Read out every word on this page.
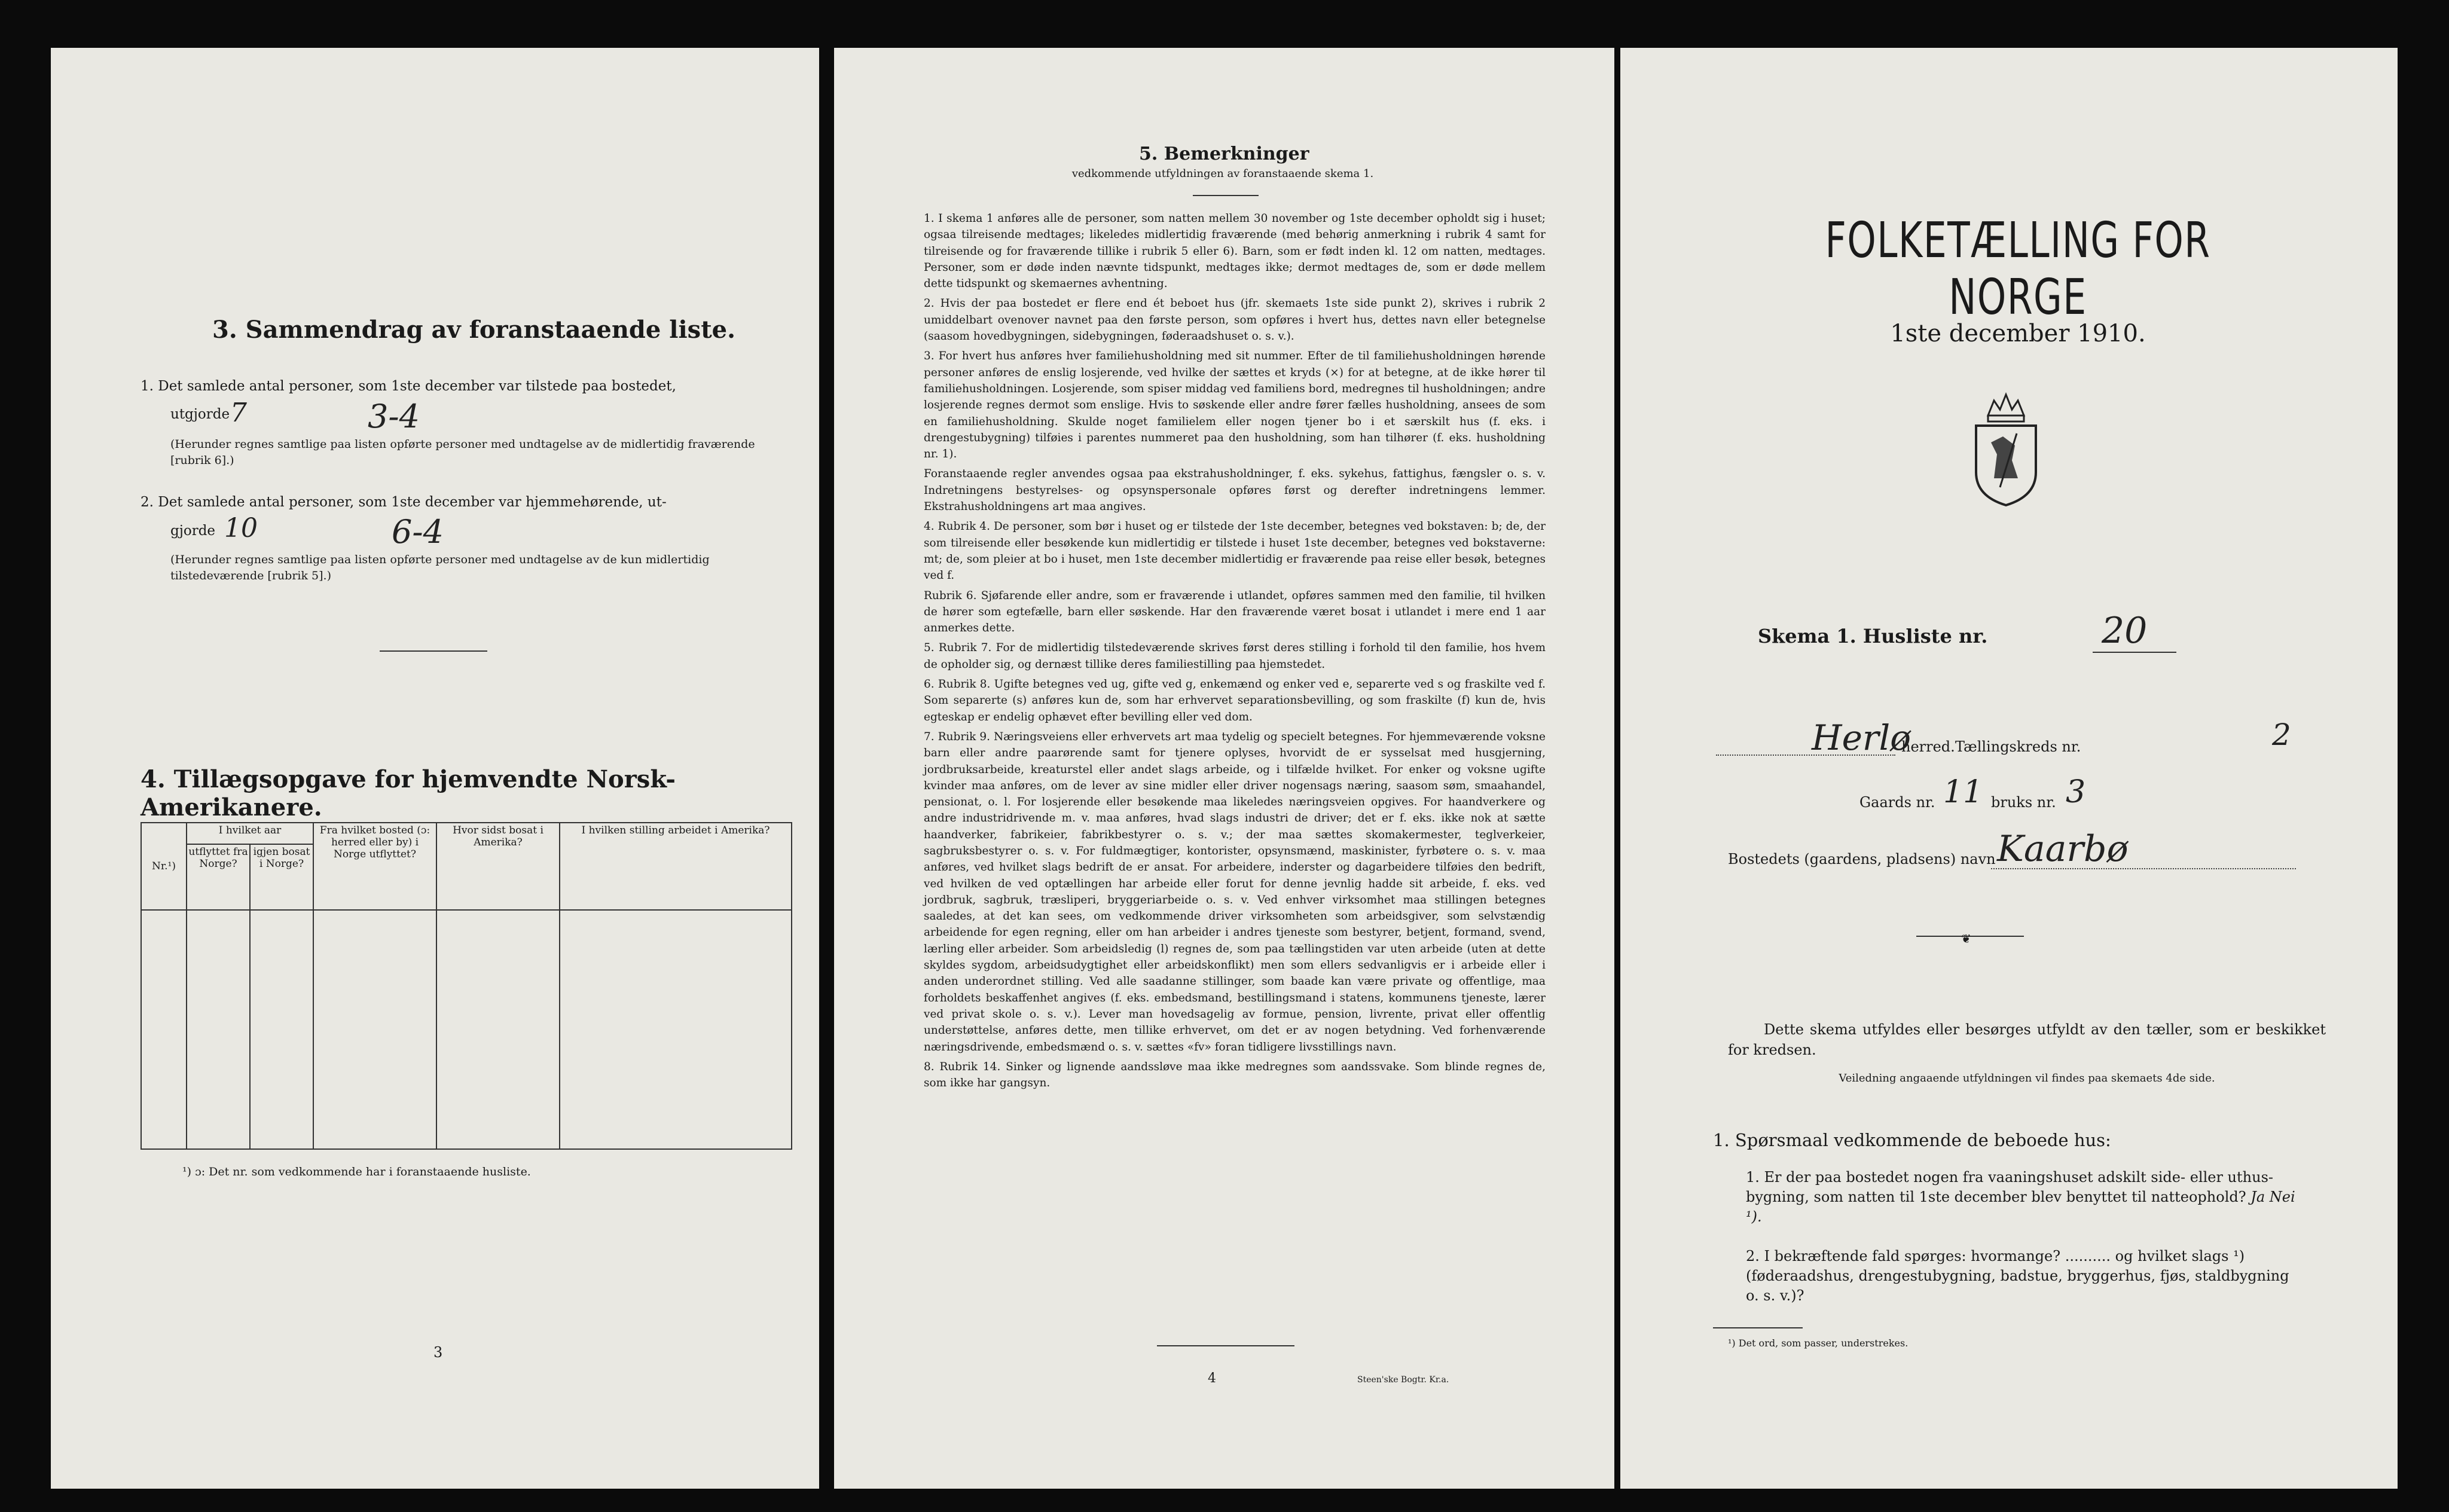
3. Sammendrag av foranstaaende liste.
1. Det samlede antal personer, som 1ste december var tilstede paa bostedet,
utgjorde 7	3-4
(Herunder regnes samtlige paa listen opførte personer med undtagelse av de midlertidig fraværende [rubrik 6].)
2. Det samlede antal personer, som 1ste december var hjemmehørende, ut-
gjorde 10	6-4
(Herunder regnes samtlige paa listen opførte personer med undtagelse av de kun midlertidig tilstedeværende [rubrik 5].)
4. Tillægsopgave for hjemvendte Norsk-Amerikanere.
Nr.¹)	I hvilket aar		Fra hvilket bosted (ɔ: herred eller by) i Norge utflyttet?	Hvor sidst bosat i Amerika?	I hvilken stilling arbeidet i Amerika?
	utflyttet fra Norge?	igjen bosat i Norge?			

¹) ɔ: Det nr. som vedkommende har i foranstaaende husliste.
3
5. Bemerkninger
vedkommende utfyldningen av foranstaaende skema 1.

1. I skema 1 anføres alle de personer, som natten mellem 30 november og 1ste december opholdt sig i huset; ogsaa tilreisende medtages; likeledes midlertidig fraværende (med behørig anmerkning i rubrik 4 samt for tilreisende og for fraværende tillike i rubrik 5 eller 6). Barn, som er født inden kl. 12 om natten, medtages. Personer, som er døde inden nævnte tidspunkt, medtages ikke; dermot medtages de, som er døde mellem dette tidspunkt og skemaernes avhentning.

2. Hvis der paa bostedet er flere end ét beboet hus (jfr. skemaets 1ste side punkt 2), skrives i rubrik 2 umiddelbart ovenover navnet paa den første person, som opføres i hvert hus, dettes navn eller betegnelse (saasom hovedbygningen, sidebygningen, føderaadshuset o. s. v.).

3. For hvert hus anføres hver familiehusholdning med sit nummer. Efter de til familiehusholdningen hørende personer anføres de enslig losjerende, ved hvilke der sættes et kryds (×) for at betegne, at de ikke hører til familiehusholdningen. Losjerende, som spiser middag ved familiens bord, medregnes til husholdningen; andre losjerende regnes dermot som enslige. Hvis to søskende eller andre fører fælles husholdning, ansees de som en familiehusholdning. Skulde noget familielem eller nogen tjener bo i et særskilt hus (f. eks. i drengestubygning) tilføies i parentes nummeret paa den husholdning, som han tilhører (f. eks. husholdning nr. 1).

Foranstaaende regler anvendes ogsaa paa ekstrahusholdninger, f. eks. sykehus, fattighus, fængsler o. s. v. Indretningens bestyrelses- og opsynspersonale opføres først og derefter indretningens lemmer. Ekstrahusholdningens art maa angives.

4. Rubrik 4. De personer, som bør i huset og er tilstede der 1ste december, betegnes ved bokstaven: b; de, der som tilreisende eller besøkende kun midlertidig er tilstede i huset 1ste december, betegnes ved bokstaverne: mt; de, som pleier at bo i huset, men 1ste december midlertidig er fraværende paa reise eller besøk, betegnes ved f.

Rubrik 6. Sjøfarende eller andre, som er fraværende i utlandet, opføres sammen med den familie, til hvilken de hører som egtefælle, barn eller søskende. Har den fraværende været bosat i utlandet i mere end 1 aar anmerkes dette.

5. Rubrik 7. For de midlertidig tilstedeværende skrives først deres stilling i forhold til den familie, hos hvem de opholder sig, og dernæst tillike deres familiestilling paa hjemstedet.

6. Rubrik 8. Ugifte betegnes ved ug, gifte ved g, enkemænd og enker ved e, separerte ved s og fraskilte ved f. Som separerte (s) anføres kun de, som har erhvervet separationsbevilling, og som fraskilte (f) kun de, hvis egteskap er endelig ophævet efter bevilling eller ved dom.

7. Rubrik 9. Næringsveiens eller erhvervets art maa tydelig og specielt betegnes. For hjemmeværende voksne barn eller andre paarørende samt for tjenere oplyses, hvorvidt de er sysselsat med husgjerning, jordbruksarbeide, kreaturstel eller andet slags arbeide, og i tilfælde hvilket. For enker og voksne ugifte kvinder maa anføres, om de lever av sine midler eller driver nogensags næring, saasom søm, smaahandel, pensionat, o. l. For losjerende eller besøkende maa likeledes næringsveien opgives. For haandverkere og andre industridrivende m. v. maa anføres, hvad slags industri de driver; det er f. eks. ikke nok at sætte haandverker, fabrikeier, fabrikbestyrer o. s. v.; der maa sættes skomakermester, teglverkeier, sagbruksbestyrer o. s. v. For fuldmægtiger, kontorister, opsynsmænd, maskinister, fyrbøtere o. s. v. maa anføres, ved hvilket slags bedrift de er ansat. For arbeidere, inderster og dagarbeidere tilføies den bedrift, ved hvilken de ved optællingen har arbeide eller forut for denne jevnlig hadde sit arbeide, f. eks. ved jordbruk, sagbruk, træsliperi, bryggeriarbeide o. s. v. Ved enhver virksomhet maa stillingen betegnes saaledes, at det kan sees, om vedkommende driver virksomheten som arbeidsgiver, som selvstændig arbeidende for egen regning, eller om han arbeider i andres tjeneste som bestyrer, betjent, formand, svend, lærling eller arbeider. Som arbeidsledig (l) regnes de, som paa tællingstiden var uten arbeide (uten at dette skyldes sygdom, arbeidsudygtighet eller arbeidskonflikt) men som ellers sedvanligvis er i arbeide eller i anden underordnet stilling. Ved alle saadanne stillinger, som baade kan være private og offentlige, maa forholdets beskaffenhet angives (f. eks. embedsmand, bestillingsmand i statens, kommunens tjeneste, lærer ved privat skole o. s. v.). Lever man hovedsagelig av formue, pension, livrente, privat eller offentlig understøttelse, anføres dette, men tillike erhvervet, om det er av nogen betydning. Ved forhenværende næringsdrivende, embedsmænd o. s. v. sættes «fv» foran tidligere livsstillings navn.

8. Rubrik 14. Sinker og lignende aandssløve maa ikke medregnes som aandssvake. Som blinde regnes de, som ikke har gangsyn.

4	Steen'ske Bogtr. Kr.a.
FOLKETÆLLING FOR NORGE
1ste december 1910.
Skema 1. Husliste nr.	20
Herlø
herred. Tællingskreds nr.	2
Gaards nr. 11 bruks nr. 3
Bostedets (gaardens, pladsens) navn Kaarbø
❦
Dette skema utfyldes eller besørges utfyldt av den tæller, som er beskikket for kredsen.
Veiledning angaaende utfyldningen vil findes paa skemaets 4de side.
1. Spørsmaal vedkommende de beboede hus:
1. Er der paa bostedet nogen fra vaaningshuset adskilt side- eller uthus-bygning, som natten til 1ste december blev benyttet til natteophold? Ja Nei ¹).
2. I bekræftende fald spørges: hvormange? .......... og hvilket slags ¹) (føderaadshus, drengestubygning, badstue, bryggerhus, fjøs, staldbygning o. s. v.)?
¹) Det ord, som passer, understrekes.
